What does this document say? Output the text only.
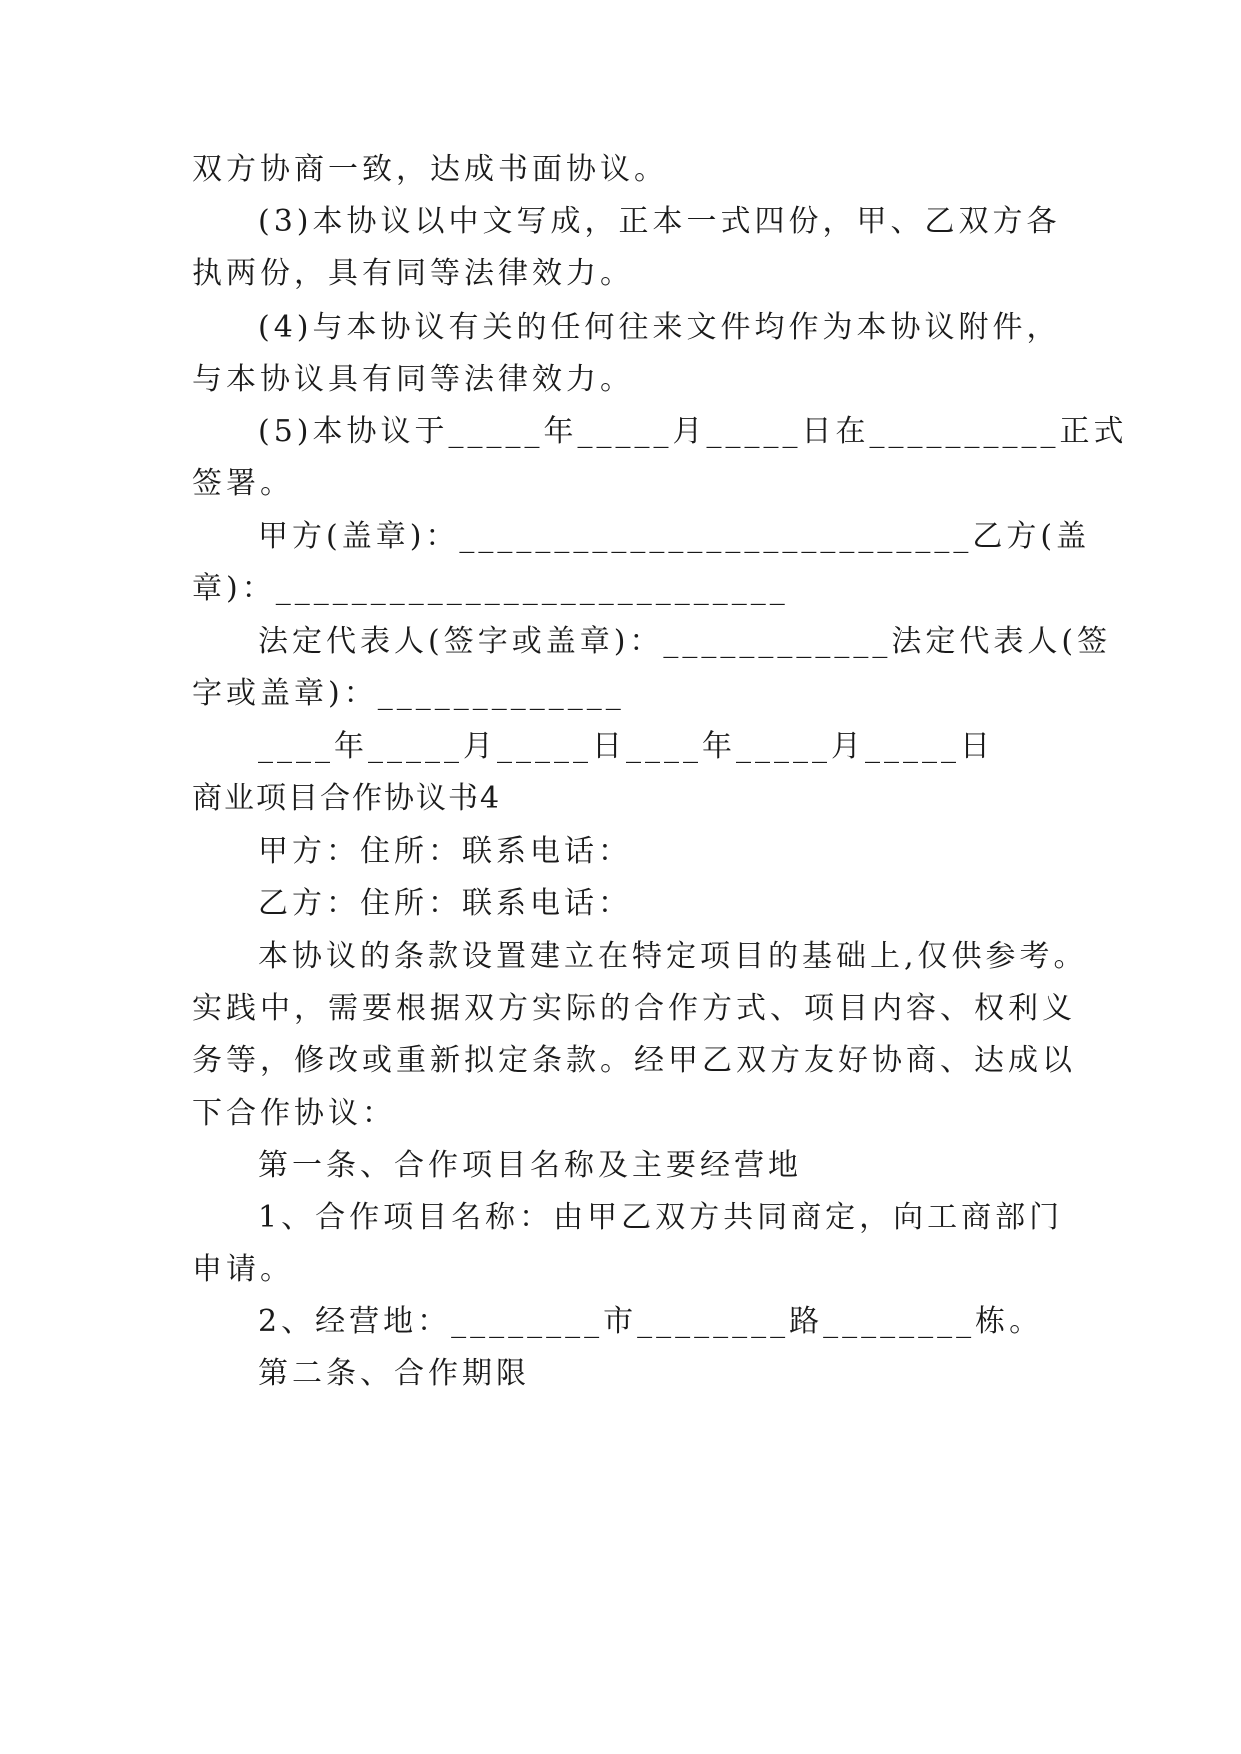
双方协商一致，达成书面协议。
(3)本协议以中文写成，正本一式四份，甲、乙双方各
执两份，具有同等法律效力。
(4)与本协议有关的任何往来文件均作为本协议附件，
与本协议具有同等法律效力。
(5)本协议于_____年_____月_____日在__________正式
签署。
甲方(盖章)：___________________________乙方(盖
章)：___________________________
法定代表人(签字或盖章)：____________法定代表人(签
字或盖章)：_____________
____年_____月_____日____年_____月_____日
商业项目合作协议书4
甲方：住所：联系电话：
乙方：住所：联系电话：
本协议的条款设置建立在特定项目的基础上,仅供参考。
实践中，需要根据双方实际的合作方式、项目内容、权利义
务等，修改或重新拟定条款。经甲乙双方友好协商、达成以
下合作协议：
第一条、合作项目名称及主要经营地
1、合作项目名称：由甲乙双方共同商定，向工商部门
申请。
2、经营地：________市________路________栋。
第二条、合作期限
